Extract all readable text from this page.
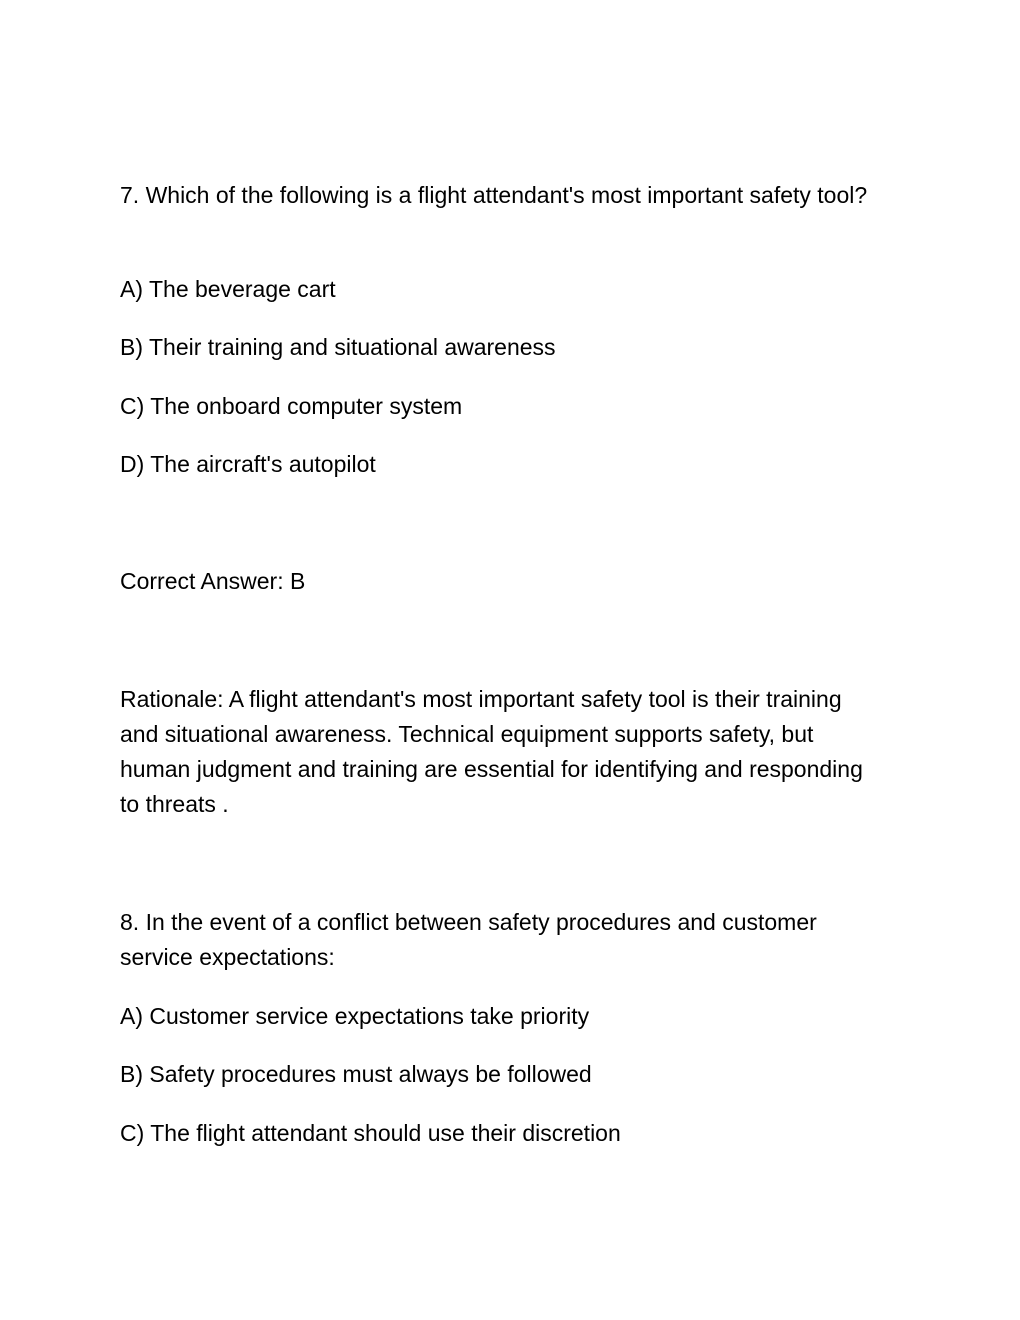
7. Which of the following is a flight attendant's most important safety tool?

A) The beverage cart

B) Their training and situational awareness

C) The onboard computer system

D) The aircraft's autopilot

Correct Answer: B

Rationale: A flight attendant's most important safety tool is their training and situational awareness. Technical equipment supports safety, but human judgment and training are essential for identifying and responding to threats .

8. In the event of a conflict between safety procedures and customer service expectations:

A) Customer service expectations take priority

B) Safety procedures must always be followed

C) The flight attendant should use their discretion
